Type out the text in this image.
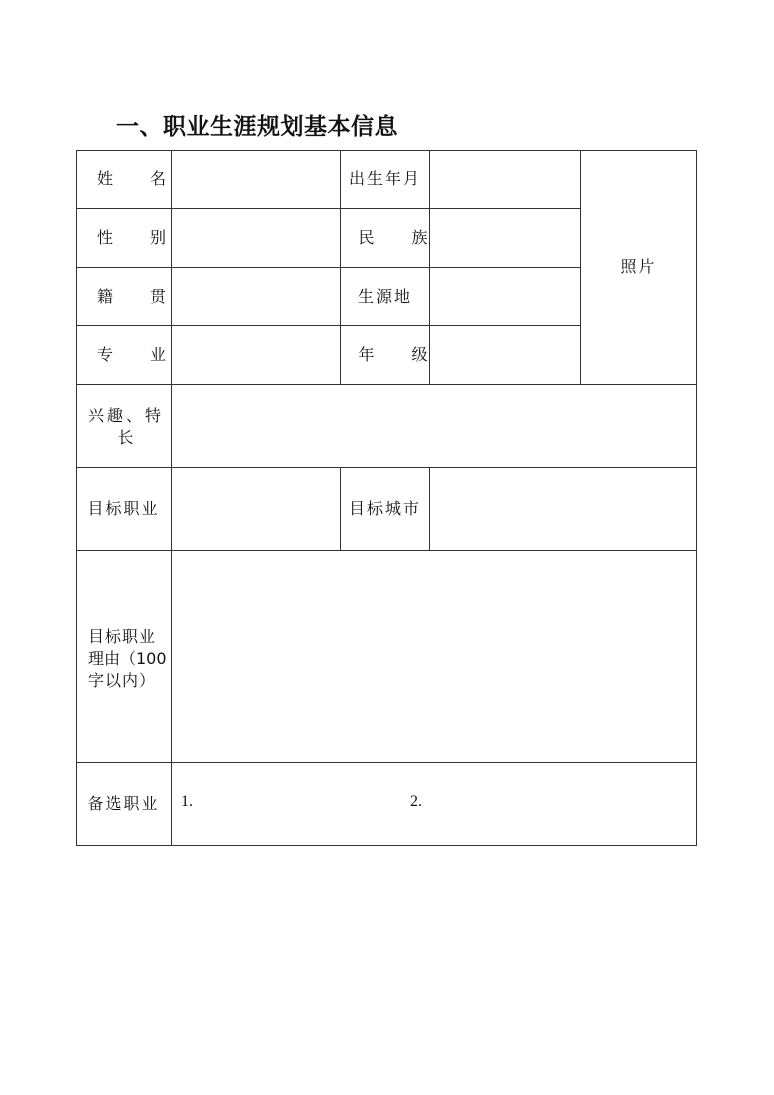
一、职业生涯规划基本信息
姓 名	出生年月
照片
性 别	民 族
籍 贯	生源地
专 业	年 级
兴趣、特
长
目标职业	目标城市
目标职业
理由（100
字以内）
备选职业	1.	2.
